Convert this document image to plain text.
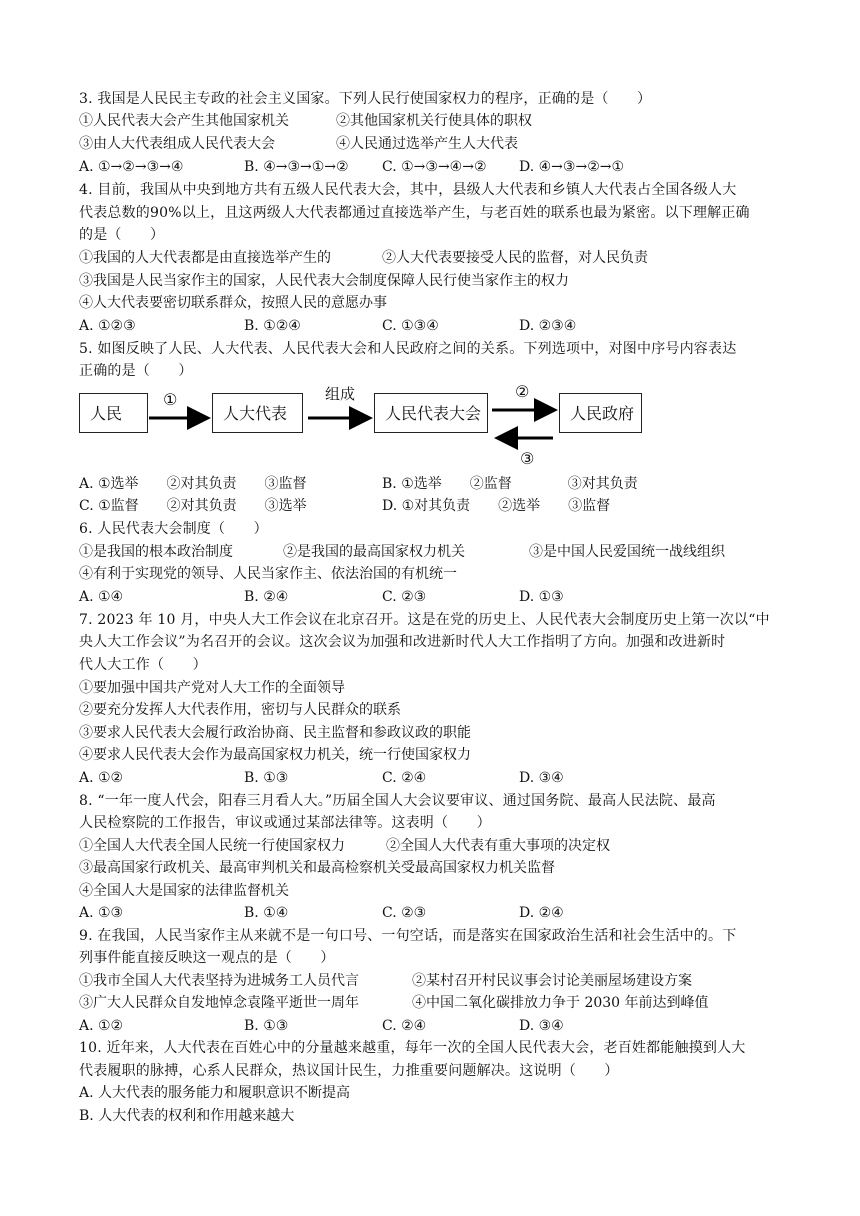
3. 我国是人民民主专政的社会主义国家。下列人民行使国家权力的程序，正确的是（　　）
①人民代表大会产生其他国家机关	②其他国家机关行使具体的职权
③由人大代表组成人民代表大会	④人民通过选举产生人大代表
A. ①→②→③→④	B. ④→③→①→② C. ①→③→④→② D. ④→③→②→①
4. 目前，我国从中央到地方共有五级人民代表大会，其中，县级人大代表和乡镇人大代表占全国各级人大
代表总数的90%以上，且这两级人大代表都通过直接选举产生，与老百姓的联系也最为紧密。以下理解正确
的是（　　）
①我国的人大代表都是由直接选举产生的	②人大代表要接受人民的监督，对人民负责
③我国是人民当家作主的国家，人民代表大会制度保障人民行使当家作主的权力
④人大代表要密切联系群众，按照人民的意愿办事
A. ①②③	B. ①②④	C. ①③④	D. ②③④
5. 如图反映了人民、人大代表、人民代表大会和人民政府之间的关系。下列选项中，对图中序号内容表达
正确的是（　　）
人民	人大代表	人民代表大会	人民政府
①	组成	②
③
A. ①选举　　②对其负责　　③监督	B. ①选举　　②监督　　　　③对其负责
C. ①监督　　②对其负责　　③选举	D. ①对其负责　　②选举　　③监督
6. 人民代表大会制度（　　）
①是我国的根本政治制度	②是我国的最高国家权力机关	③是中国人民爱国统一战线组织
④有利于实现党的领导、人民当家作主、依法治国的有机统一
A. ①④	B. ②④	C. ②③	D. ①③
7. 2023 年 10 月，中央人大工作会议在北京召开。这是在党的历史上、人民代表大会制度历史上第一次以“中
央人大工作会议”为名召开的会议。这次会议为加强和改进新时代人大工作指明了方向。加强和改进新时
代人大工作（　　）
①要加强中国共产党对人大工作的全面领导
②要充分发挥人大代表作用，密切与人民群众的联系
③要求人民代表大会履行政治协商、民主监督和参政议政的职能
④要求人民代表大会作为最高国家权力机关，统一行使国家权力
A. ①②	B. ①③	C. ②④	D. ③④
8. “一年一度人代会，阳春三月看人大。”历届全国人大会议要审议、通过国务院、最高人民法院、最高
人民检察院的工作报告，审议或通过某部法律等。这表明（　　）
①全国人大代表全国人民统一行使国家权力	②全国人大代表有重大事项的决定权
③最高国家行政机关、最高审判机关和最高检察机关受最高国家权力机关监督
④全国人大是国家的法律监督机关
A. ①③	B. ①④	C. ②③	D. ②④
9. 在我国，人民当家作主从来就不是一句口号、一句空话，而是落实在国家政治生活和社会生活中的。下
列事件能直接反映这一观点的是（　　）
①我市全国人大代表坚持为进城务工人员代言	②某村召开村民议事会讨论美丽屋场建设方案
③广大人民群众自发地悼念袁隆平逝世一周年	④中国二氧化碳排放力争于 2030 年前达到峰值
A. ①②	B. ①③	C. ②④	D. ③④
10. 近年来，人大代表在百姓心中的分量越来越重，每年一次的全国人民代表大会，老百姓都能触摸到人大
代表履职的脉搏，心系人民群众，热议国计民生，力推重要问题解决。这说明（　　）
A. 人大代表的服务能力和履职意识不断提高
B. 人大代表的权利和作用越来越大
